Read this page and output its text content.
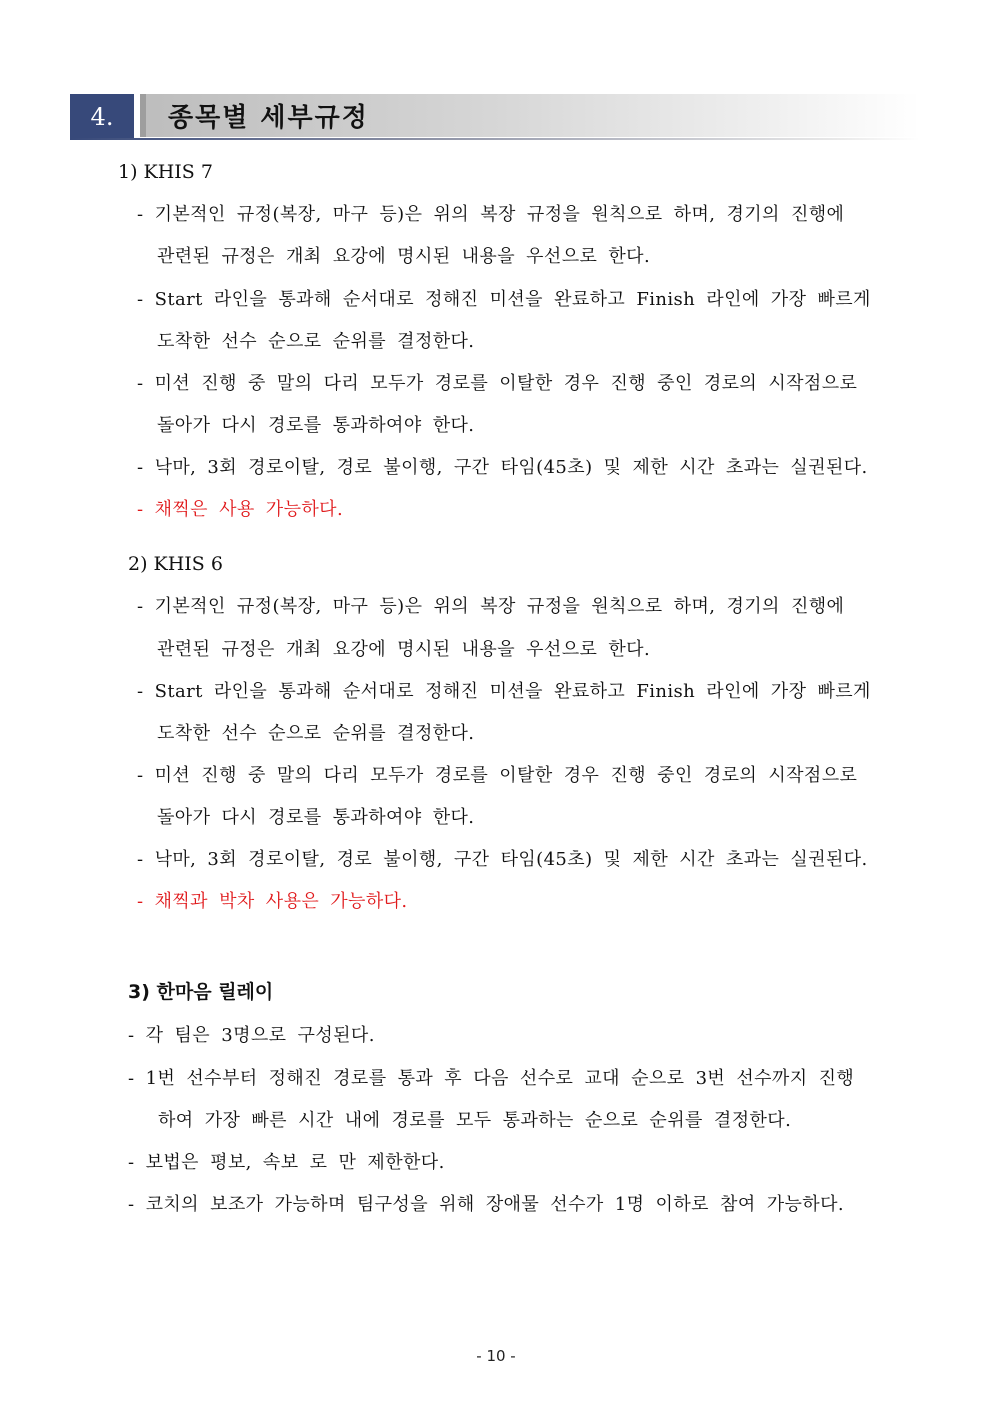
4.	종목별 세부규정
1) KHIS 7
- 기본적인 규정(복장, 마구 등)은 위의 복장 규정을 원칙으로 하며, 경기의 진행에
관련된 규정은 개최 요강에 명시된 내용을 우선으로 한다.
- Start 라인을 통과해 순서대로 정해진 미션을 완료하고 Finish 라인에 가장 빠르게
도착한 선수 순으로 순위를 결정한다.
- 미션 진행 중 말의 다리 모두가 경로를 이탈한 경우 진행 중인 경로의 시작점으로
돌아가 다시 경로를 통과하여야 한다.
- 낙마, 3회 경로이탈, 경로 불이행, 구간 타임(45초) 및 제한 시간 초과는 실권된다.
- 채찍은 사용 가능하다.
2) KHIS 6
- 기본적인 규정(복장, 마구 등)은 위의 복장 규정을 원칙으로 하며, 경기의 진행에
관련된 규정은 개최 요강에 명시된 내용을 우선으로 한다.
- Start 라인을 통과해 순서대로 정해진 미션을 완료하고 Finish 라인에 가장 빠르게
도착한 선수 순으로 순위를 결정한다.
- 미션 진행 중 말의 다리 모두가 경로를 이탈한 경우 진행 중인 경로의 시작점으로
돌아가 다시 경로를 통과하여야 한다.
- 낙마, 3회 경로이탈, 경로 불이행, 구간 타임(45초) 및 제한 시간 초과는 실권된다.
- 채찍과 박차 사용은 가능하다.
3) 한마음 릴레이
- 각 팀은 3명으로 구성된다.
- 1번 선수부터 정해진 경로를 통과 후 다음 선수로 교대 순으로 3번 선수까지 진행
하여 가장 빠른 시간 내에 경로를 모두 통과하는 순으로 순위를 결정한다.
- 보법은 평보, 속보 로 만 제한한다.
- 코치의 보조가 가능하며 팀구성을 위해 장애물 선수가 1명 이하로 참여 가능하다.
- 10 -
